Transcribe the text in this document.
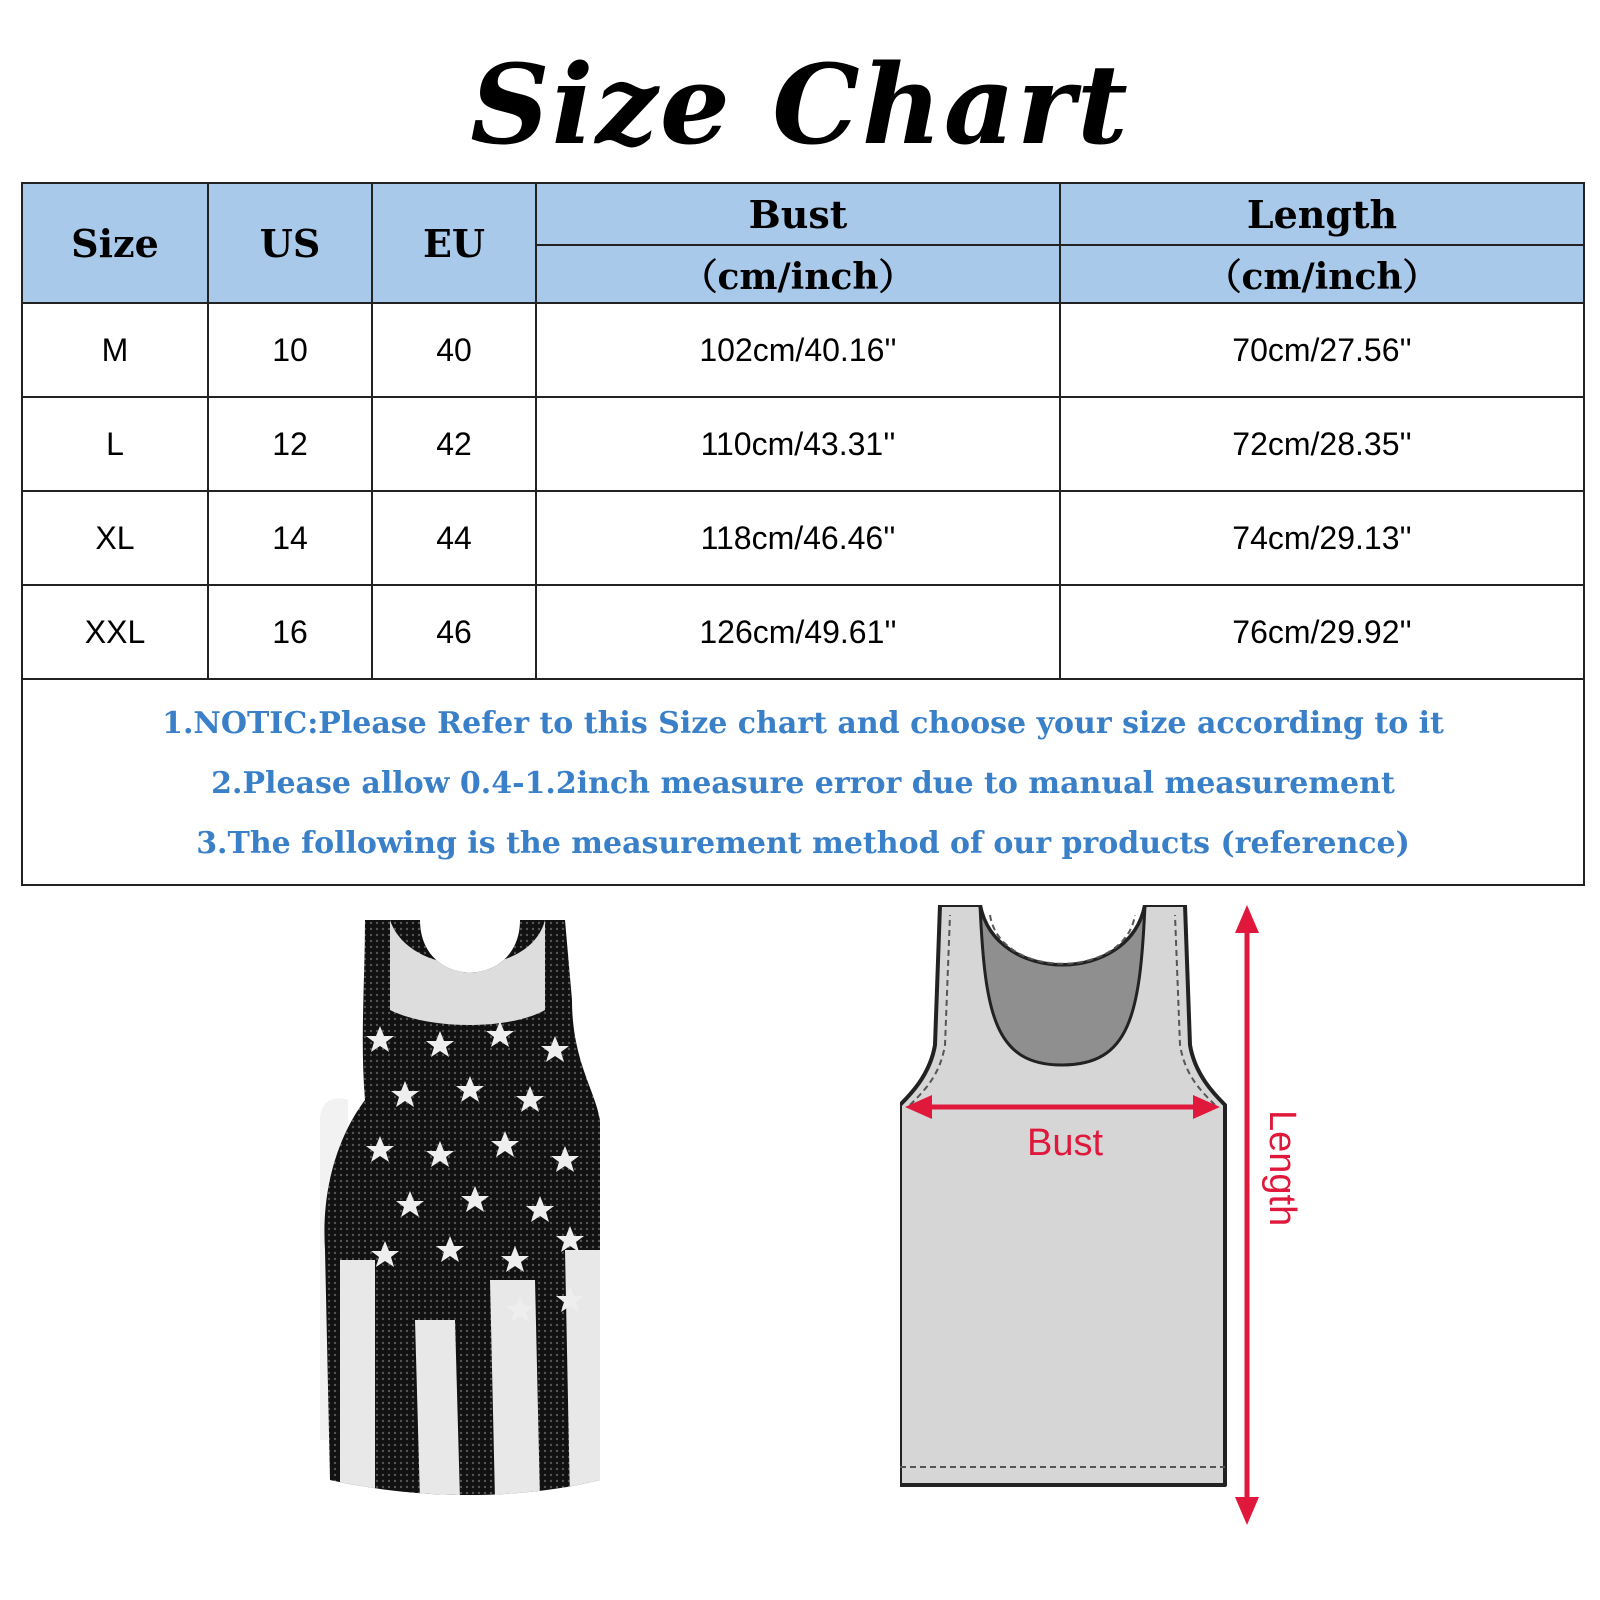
Size Chart
Size	US	EU	Bust	Length
			（cm/inch）	（cm/inch）
M	10	40	102cm/40.16''	70cm/27.56''
L	12	42	110cm/43.31''	72cm/28.35''
XL	14	44	118cm/46.46''	74cm/29.13''
XXL	16	46	126cm/49.61''	76cm/29.92''

1.NOTIC:Please Refer to this Size chart and choose your size according to it
2.Please allow 0.4-1.2inch measure error due to manual measurement
3.The following is the measurement method of our products (reference)				
Bust	Length
